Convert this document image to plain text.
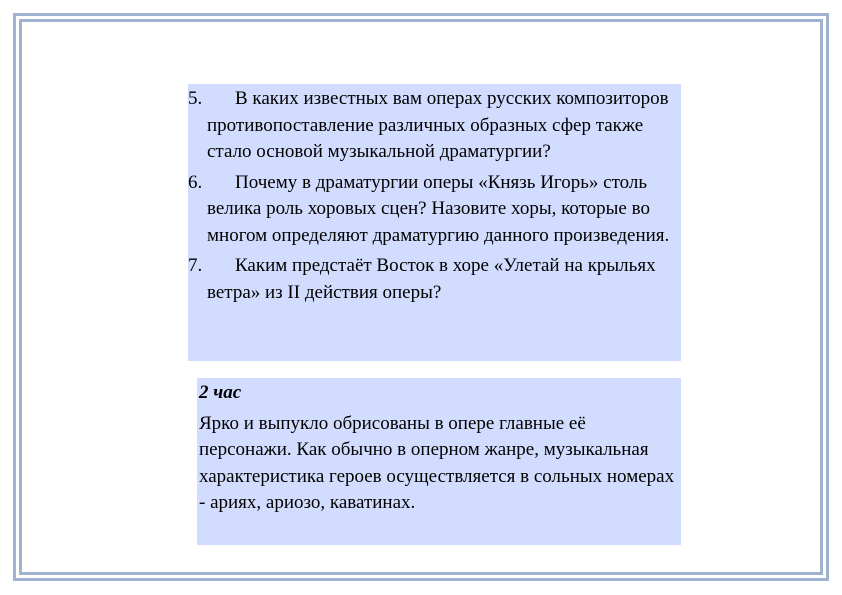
5.	В каких известных вам операх русских композиторов противопоставление различных образных сфер также стало основой музыкальной драматургии?
6.	Почему в драматургии оперы «Князь Игорь» столь велика роль хоровых сцен? Назовите хоры, которые во многом определяют драматургию данного произведения.
7.	Каким предстаёт Восток в хоре «Улетай на крыльях ветра» из II действия оперы?
2 час
Ярко и выпукло обрисованы в опере главные её персонажи. Как обычно в оперном жанре, музыкальная характеристика героев осуществляется в сольных номерах - ариях, ариозо, каватинах.
